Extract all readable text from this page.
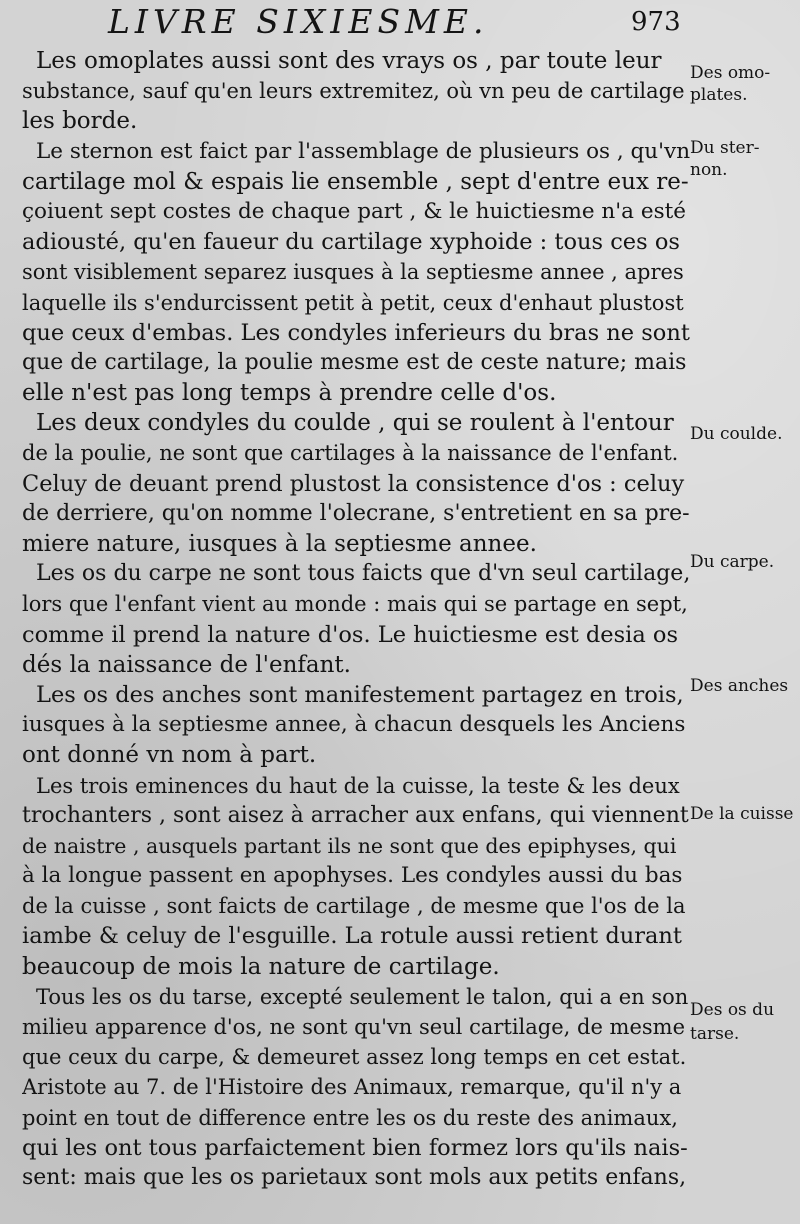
LIVRE SIXIESME.	973
Les omoplates aussi sont des vrays os , par toute leur
substance, sauf qu'en leurs extremitez, où vn peu de cartilage
les borde.
Le sternon est faict par l'assemblage de plusieurs os , qu'vn
cartilage mol & espais lie ensemble , sept d'entre eux re-
çoiuent sept costes de chaque part , & le huictiesme n'a esté
adiousté, qu'en faueur du cartilage xyphoide : tous ces os
sont visiblement separez iusques à la septiesme annee , apres
laquelle ils s'endurcissent petit à petit, ceux d'enhaut plustost
que ceux d'embas. Les condyles inferieurs du bras ne sont
que de cartilage, la poulie mesme est de ceste nature; mais
elle n'est pas long temps à prendre celle d'os.
Les deux condyles du coulde , qui se roulent à l'entour
de la poulie, ne sont que cartilages à la naissance de l'enfant.
Celuy de deuant prend plustost la consistence d'os : celuy
de derriere, qu'on nomme l'olecrane, s'entretient en sa pre-
miere nature, iusques à la septiesme annee.
Les os du carpe ne sont tous faicts que d'vn seul cartilage,
lors que l'enfant vient au monde : mais qui se partage en sept,
comme il prend la nature d'os. Le huictiesme est desia os
dés la naissance de l'enfant.
Les os des anches sont manifestement partagez en trois,
iusques à la septiesme annee, à chacun desquels les Anciens
ont donné vn nom à part.
Les trois eminences du haut de la cuisse, la teste & les deux
trochanters , sont aisez à arracher aux enfans, qui viennent
de naistre , ausquels partant ils ne sont que des epiphyses, qui
à la longue passent en apophyses. Les condyles aussi du bas
de la cuisse , sont faicts de cartilage , de mesme que l'os de la
iambe & celuy de l'esguille. La rotule aussi retient durant
beaucoup de mois la nature de cartilage.
Tous les os du tarse, excepté seulement le talon, qui a en son
milieu apparence d'os, ne sont qu'vn seul cartilage, de mesme
que ceux du carpe, & demeuret assez long temps en cet estat.
Aristote au 7. de l'Histoire des Animaux, remarque, qu'il n'y a
point en tout de difference entre les os du reste des animaux,
qui les ont tous parfaictement bien formez lors qu'ils nais-
sent: mais que les os parietaux sont mols aux petits enfans,
Des omo-
plates.
Du ster-
non.
Du coulde.
Du carpe.
Des anches
De la cuisse
Des os du
tarse.
